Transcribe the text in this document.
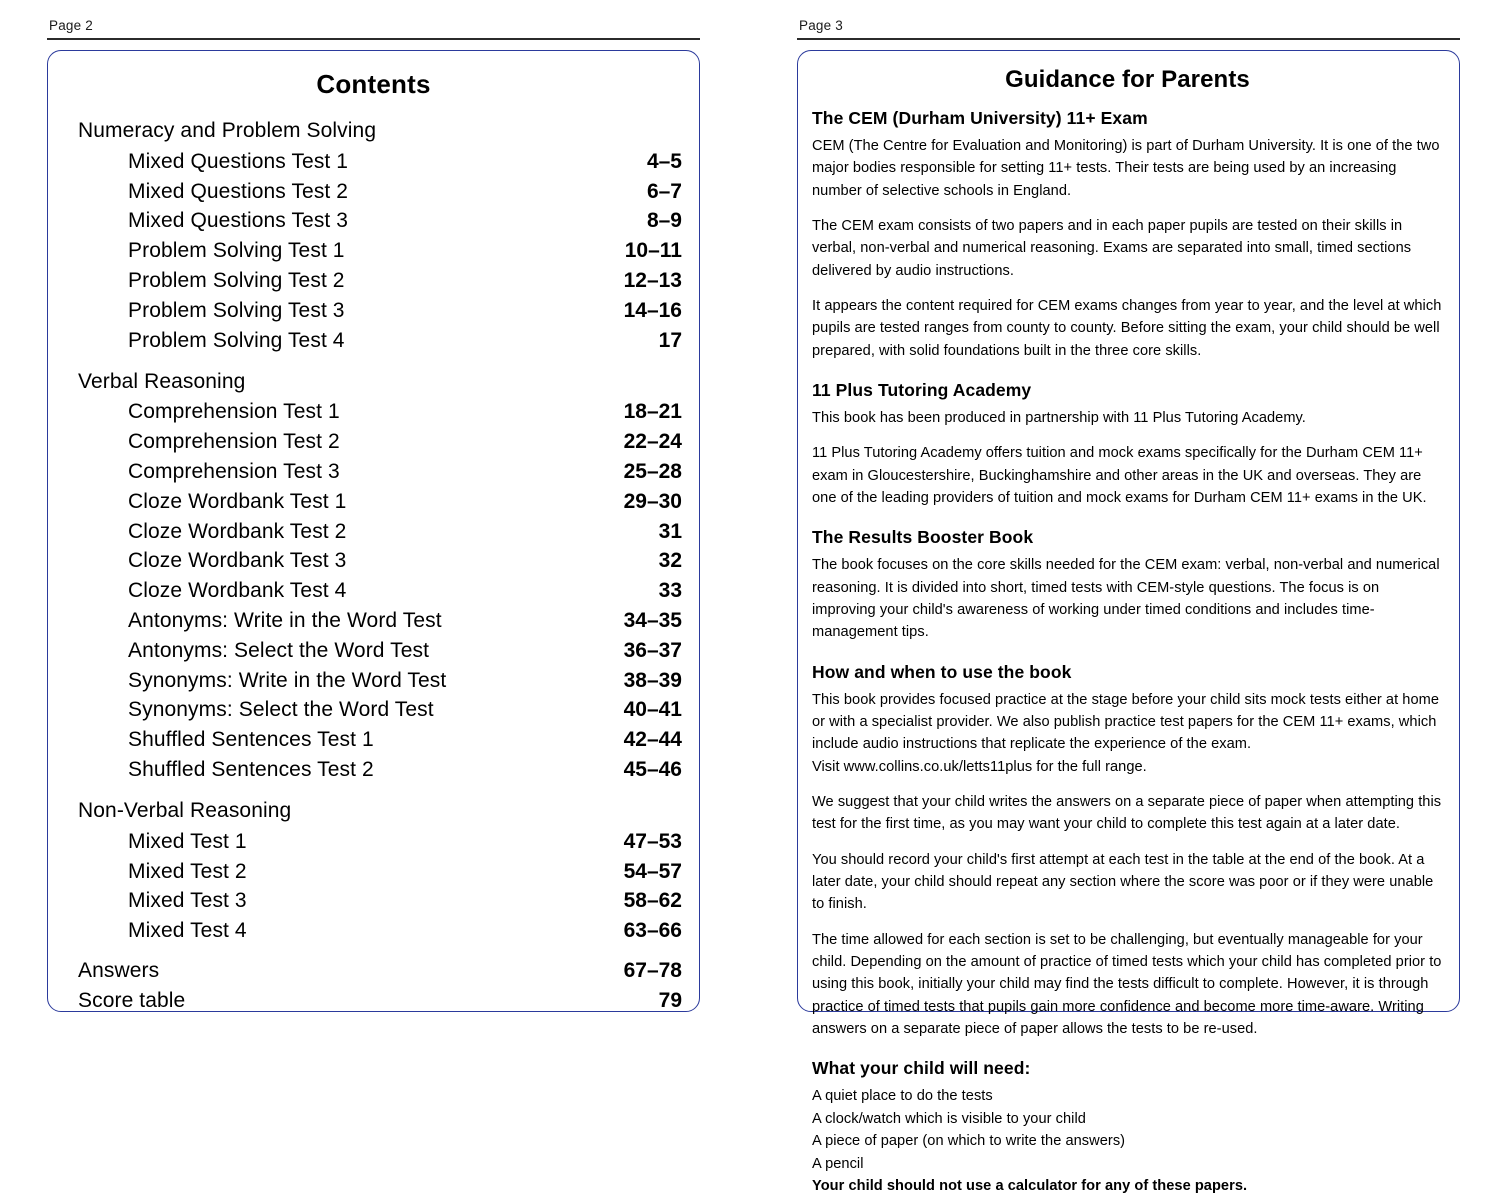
Page 2
Contents
Numeracy and Problem Solving
Mixed Questions Test 1	4–5
Mixed Questions Test 2	6–7
Mixed Questions Test 3	8–9
Problem Solving Test 1	10–11
Problem Solving Test 2	12–13
Problem Solving Test 3	14–16
Problem Solving Test 4	17
Verbal Reasoning
Comprehension Test 1	18–21
Comprehension Test 2	22–24
Comprehension Test 3	25–28
Cloze Wordbank Test 1	29–30
Cloze Wordbank Test 2	31
Cloze Wordbank Test 3	32
Cloze Wordbank Test 4	33
Antonyms: Write in the Word Test	34–35
Antonyms: Select the Word Test	36–37
Synonyms: Write in the Word Test	38–39
Synonyms: Select the Word Test	40–41
Shuffled Sentences Test 1	42–44
Shuffled Sentences Test 2	45–46
Non-Verbal Reasoning
Mixed Test 1	47–53
Mixed Test 2	54–57
Mixed Test 3	58–62
Mixed Test 4	63–66
Answers	67–78
Score table	79
Page 3
Guidance for Parents
The CEM (Durham University) 11+ Exam

CEM (The Centre for Evaluation and Monitoring) is part of Durham University. It is one of the two major bodies responsible for setting 11+ tests. Their tests are being used by an increasing number of selective schools in England.

The CEM exam consists of two papers and in each paper pupils are tested on their skills in verbal, non-verbal and numerical reasoning. Exams are separated into small, timed sections delivered by audio instructions.

It appears the content required for CEM exams changes from year to year, and the level at which pupils are tested ranges from county to county. Before sitting the exam, your child should be well prepared, with solid foundations built in the three core skills.

11 Plus Tutoring Academy

This book has been produced in partnership with 11 Plus Tutoring Academy.

11 Plus Tutoring Academy offers tuition and mock exams specifically for the Durham CEM 11+ exam in Gloucestershire, Buckinghamshire and other areas in the UK and overseas. They are one of the leading providers of tuition and mock exams for Durham CEM 11+ exams in the UK.

The Results Booster Book

The book focuses on the core skills needed for the CEM exam: verbal, non-verbal and numerical reasoning. It is divided into short, timed tests with CEM-style questions. The focus is on improving your child's awareness of working under timed conditions and includes time-management tips.

How and when to use the book

This book provides focused practice at the stage before your child sits mock tests either at home or with a specialist provider. We also publish practice test papers for the CEM 11+ exams, which include audio instructions that replicate the experience of the exam.
Visit www.collins.co.uk/letts11plus for the full range.

We suggest that your child writes the answers on a separate piece of paper when attempting this test for the first time, as you may want your child to complete this test again at a later date.

You should record your child's first attempt at each test in the table at the end of the book. At a later date, your child should repeat any section where the score was poor or if they were unable to finish.

The time allowed for each section is set to be challenging, but eventually manageable for your child. Depending on the amount of practice of timed tests which your child has completed prior to using this book, initially your child may find the tests difficult to complete. However, it is through practice of timed tests that pupils gain more confidence and become more time-aware. Writing answers on a separate piece of paper allows the tests to be re-used.

What your child will need:
A quiet place to do the tests
A clock/watch which is visible to your child
A piece of paper (on which to write the answers)
A pencil
Your child should not use a calculator for any of these papers.
